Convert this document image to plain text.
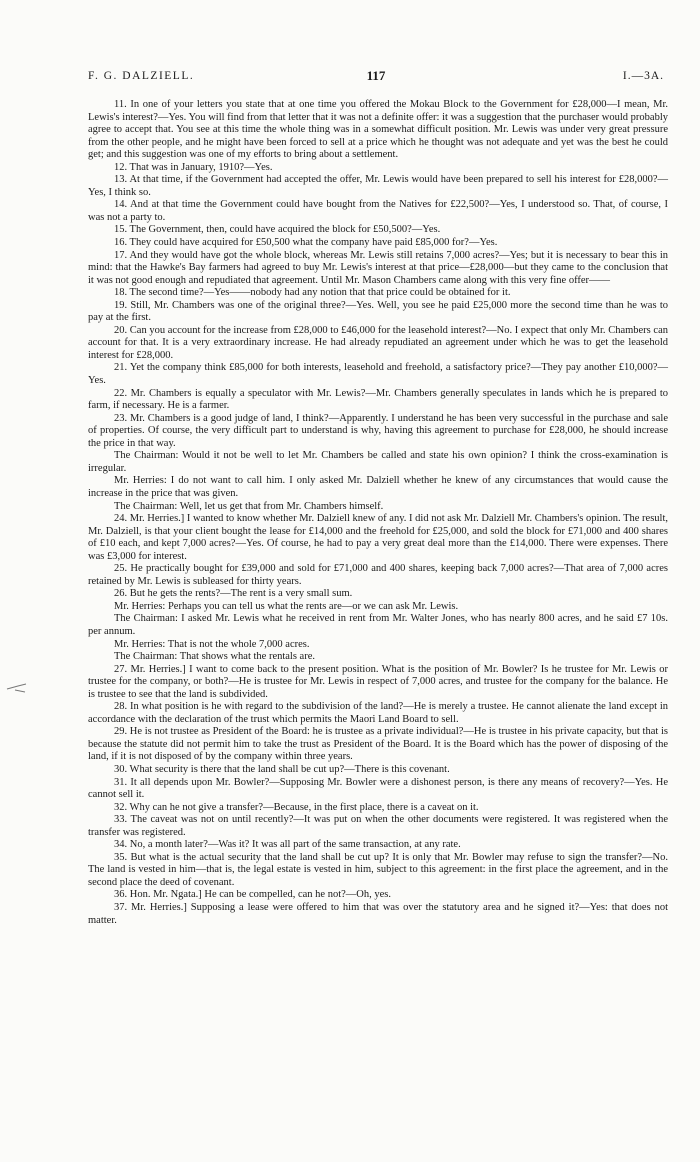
F. G. DALZIELL.	117	I.—3A.

11. In one of your letters you state that at one time you offered the Mokau Block to the Government for £28,000—I mean, Mr. Lewis's interest?—Yes. You will find from that letter that it was not a definite offer: it was a suggestion that the purchaser would probably agree to accept that. You see at this time the whole thing was in a somewhat difficult position. Mr. Lewis was under very great pressure from the other people, and he might have been forced to sell at a price which he thought was not adequate and yet was the best he could get; and this suggestion was one of my efforts to bring about a settlement.

12. That was in January, 1910?—Yes.

13. At that time, if the Government had accepted the offer, Mr. Lewis would have been prepared to sell his interest for £28,000?—Yes, I think so.

14. And at that time the Government could have bought from the Natives for £22,500?—Yes, I understood so. That, of course, I was not a party to.

15. The Government, then, could have acquired the block for £50,500?—Yes.

16. They could have acquired for £50,500 what the company have paid £85,000 for?—Yes.

17. And they would have got the whole block, whereas Mr. Lewis still retains 7,000 acres?—Yes; but it is necessary to bear this in mind: that the Hawke's Bay farmers had agreed to buy Mr. Lewis's interest at that price—£28,000—but they came to the conclusion that it was not good enough and repudiated that agreement. Until Mr. Mason Chambers came along with this very fine offer——

18. The second time?—Yes——nobody had any notion that that price could be obtained for it.

19. Still, Mr. Chambers was one of the original three?—Yes. Well, you see he paid £25,000 more the second time than he was to pay at the first.

20. Can you account for the increase from £28,000 to £46,000 for the leasehold interest?—No. I expect that only Mr. Chambers can account for that. It is a very extraordinary increase. He had already repudiated an agreement under which he was to get the leasehold interest for £28,000.

21. Yet the company think £85,000 for both interests, leasehold and freehold, a satisfactory price?—They pay another £10,000?—Yes.

22. Mr. Chambers is equally a speculator with Mr. Lewis?—Mr. Chambers generally speculates in lands which he is prepared to farm, if necessary. He is a farmer.

23. Mr. Chambers is a good judge of land, I think?—Apparently. I understand he has been very successful in the purchase and sale of properties. Of course, the very difficult part to understand is why, having this agreement to purchase for £28,000, he should increase the price in that way.

The Chairman: Would it not be well to let Mr. Chambers be called and state his own opinion? I think the cross-examination is irregular.

Mr. Herries: I do not want to call him. I only asked Mr. Dalziell whether he knew of any circumstances that would cause the increase in the price that was given.

The Chairman: Well, let us get that from Mr. Chambers himself.

24. Mr. Herries.] I wanted to know whether Mr. Dalziell knew of any. I did not ask Mr. Dalziell Mr. Chambers's opinion. The result, Mr. Dalziell, is that your client bought the lease for £14,000 and the freehold for £25,000, and sold the block for £71,000 and 400 shares of £10 each, and kept 7,000 acres?—Yes. Of course, he had to pay a very great deal more than the £14,000. There were expenses. There was £3,000 for interest.

25. He practically bought for £39,000 and sold for £71,000 and 400 shares, keeping back 7,000 acres?—That area of 7,000 acres retained by Mr. Lewis is subleased for thirty years.

26. But he gets the rents?—The rent is a very small sum.

Mr. Herries: Perhaps you can tell us what the rents are—or we can ask Mr. Lewis.

The Chairman: I asked Mr. Lewis what he received in rent from Mr. Walter Jones, who has nearly 800 acres, and he said £7 10s. per annum.

Mr. Herries: That is not the whole 7,000 acres.

The Chairman: That shows what the rentals are.

27. Mr. Herries.] I want to come back to the present position. What is the position of Mr. Bowler? Is he trustee for Mr. Lewis or trustee for the company, or both?—He is trustee for Mr. Lewis in respect of 7,000 acres, and trustee for the company for the balance. He is trustee to see that the land is subdivided.

28. In what position is he with regard to the subdivision of the land?—He is merely a trustee. He cannot alienate the land except in accordance with the declaration of the trust which permits the Maori Land Board to sell.

29. He is not trustee as President of the Board: he is trustee as a private individual?—He is trustee in his private capacity, but that is because the statute did not permit him to take the trust as President of the Board. It is the Board which has the power of disposing of the land, if it is not disposed of by the company within three years.

30. What security is there that the land shall be cut up?—There is this covenant.

31. It all depends upon Mr. Bowler?—Supposing Mr. Bowler were a dishonest person, is there any means of recovery?—Yes. He cannot sell it.

32. Why can he not give a transfer?—Because, in the first place, there is a caveat on it.

33. The caveat was not on until recently?—It was put on when the other documents were registered. It was registered when the transfer was registered.

34. No, a month later?—Was it? It was all part of the same transaction, at any rate.

35. But what is the actual security that the land shall be cut up? It is only that Mr. Bowler may refuse to sign the transfer?—No. The land is vested in him—that is, the legal estate is vested in him, subject to this agreement: in the first place the agreement, and in the second place the deed of covenant.

36. Hon. Mr. Ngata.] He can be compelled, can he not?—Oh, yes.

37. Mr. Herries.] Supposing a lease were offered to him that was over the statutory area and he signed it?—Yes: that does not matter.
